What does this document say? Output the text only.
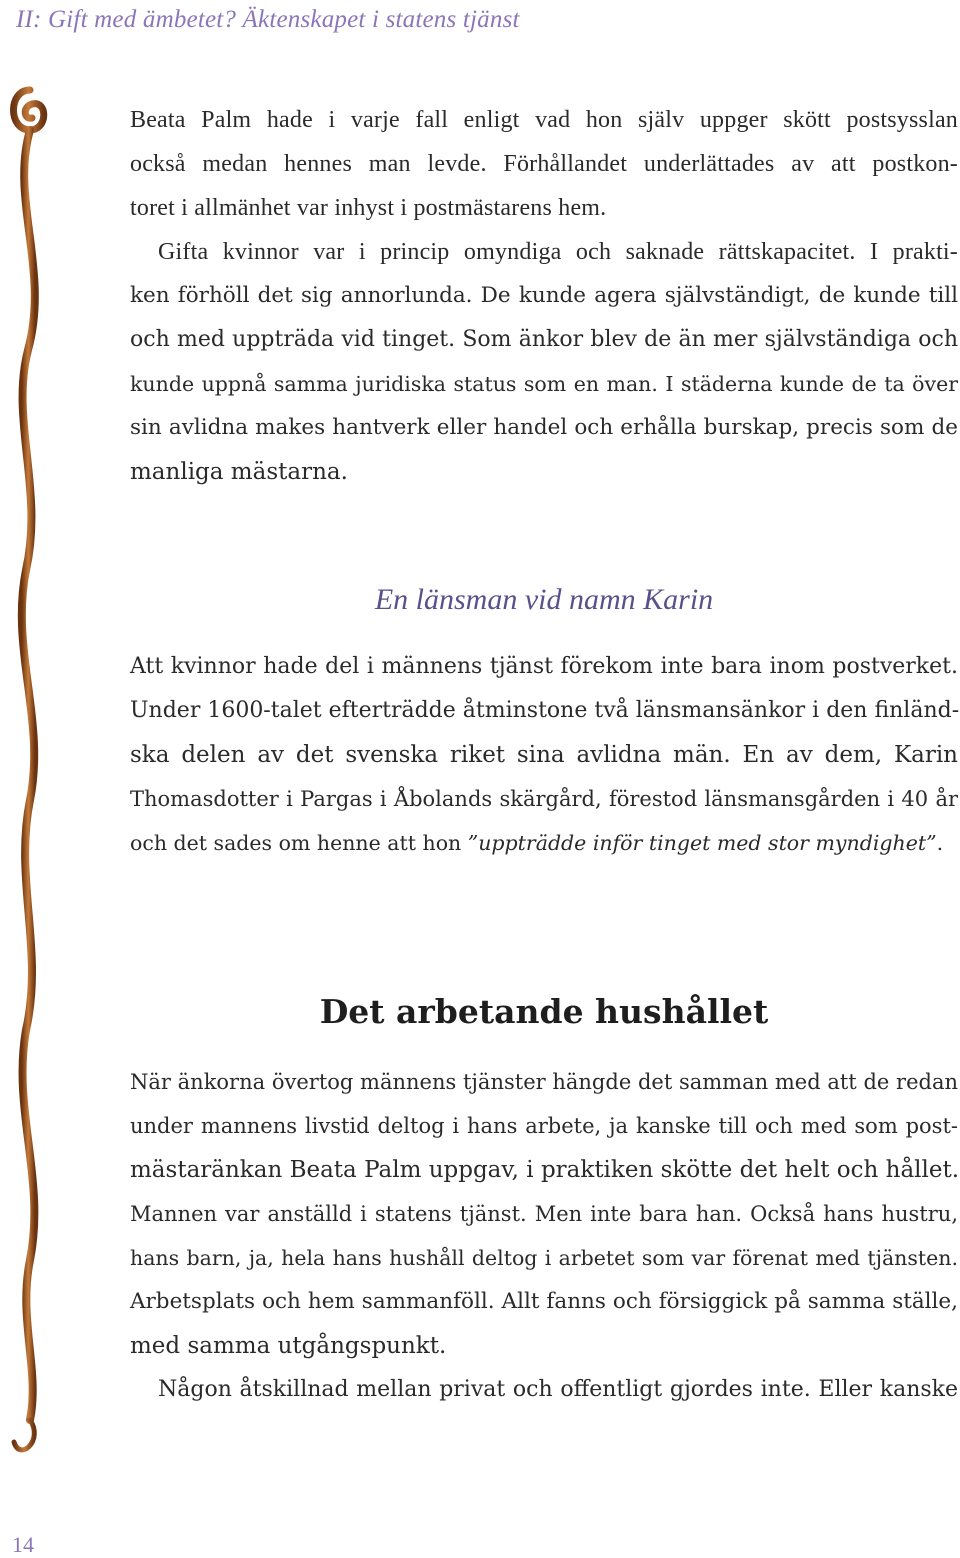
II: Gift med ämbetet? Äktenskapet i statens tjänst

Beata Palm hade i varje fall enligt vad hon själv uppger skött postsysslan

också medan hennes man levde. Förhållandet underlättades av att postkon-

toret i allmänhet var inhyst i postmästarens hem.

Gifta kvinnor var i princip omyndiga och saknade rättskapacitet. I prakti-

ken förhöll det sig annorlunda. De kunde agera självständigt, de kunde till

och med uppträda vid tinget. Som änkor blev de än mer självständiga och

kunde uppnå samma juridiska status som en man. I städerna kunde de ta över

sin avlidna makes hantverk eller handel och erhålla burskap, precis som de

manliga mästarna.

En länsman vid namn Karin

Att kvinnor hade del i männens tjänst förekom inte bara inom postverket.

Under 1600-talet efterträdde åtminstone två länsmansänkor i den finländ-

ska delen av det svenska riket sina avlidna män. En av dem, Karin

Thomasdotter i Pargas i Åbolands skärgård, förestod länsmansgården i 40 år

och det sades om henne att hon ”uppträdde inför tinget med stor myndighet”.

Det arbetande hushållet

När änkorna övertog männens tjänster hängde det samman med att de redan

under mannens livstid deltog i hans arbete, ja kanske till och med som post-

mästaränkan Beata Palm uppgav, i praktiken skötte det helt och hållet.

Mannen var anställd i statens tjänst. Men inte bara han. Också hans hustru,

hans barn, ja, hela hans hushåll deltog i arbetet som var förenat med tjänsten.

Arbetsplats och hem sammanföll. Allt fanns och försiggick på samma ställe,

med samma utgångspunkt.

Någon åtskillnad mellan privat och offentligt gjordes inte. Eller kanske

14
